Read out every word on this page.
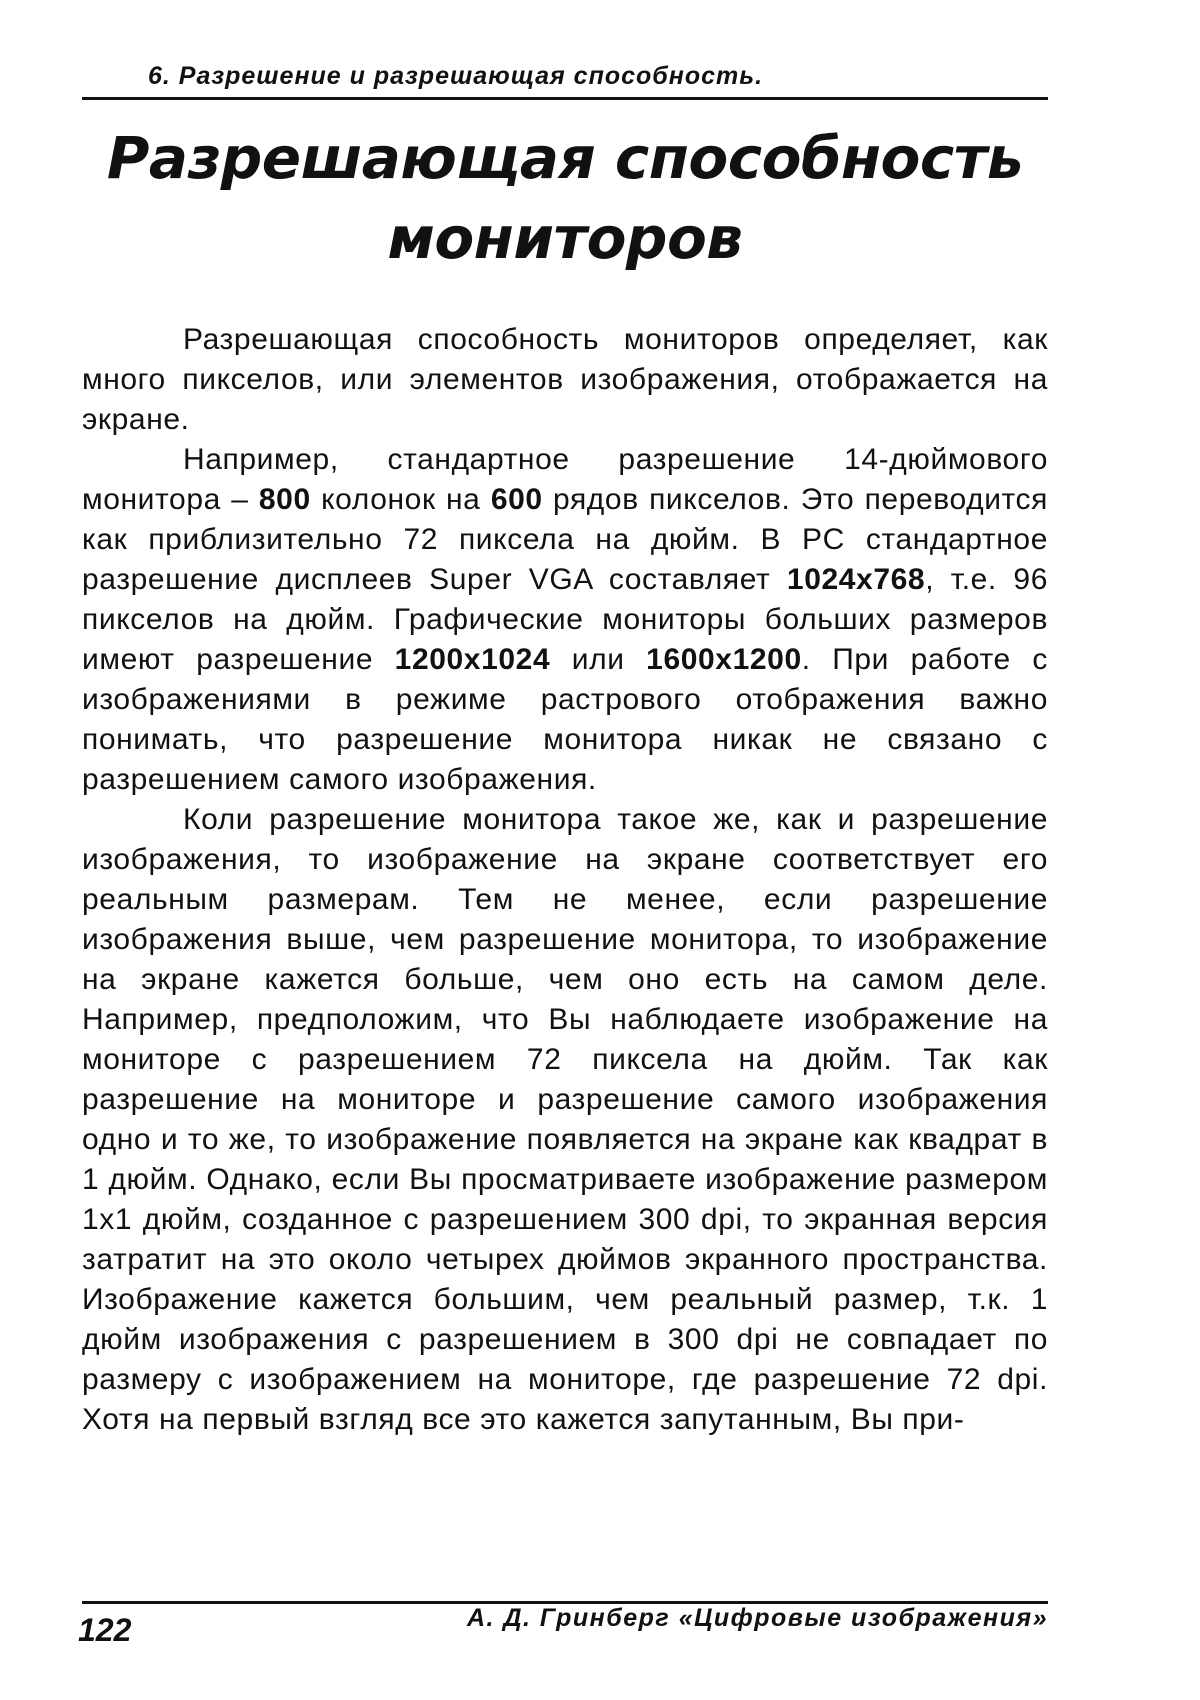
6. Разрешение и разрешающая способность.
Разрешающая способность
мониторов

Разрешающая способность мониторов определяет, как много пикселов, или элементов изображения, отображается на экране.

Например, стандартное разрешение 14-дюймового монитора – 800 колонок на 600 рядов пикселов. Это переводится как приблизительно 72 пиксела на дюйм. В PC стандартное разрешение дисплеев Super VGA составляет 1024x768, т.е. 96 пикселов на дюйм. Графические мониторы больших размеров имеют разрешение 1200x1024 или 1600x1200. При работе с изображениями в режиме растрового отображения важно понимать, что разрешение монитора никак не связано с разрешением самого изображения.

Коли разрешение монитора такое же, как и разрешение изображения, то изображение на экране соответствует его реальным размерам. Тем не менее, если разрешение изображения выше, чем разрешение монитора, то изображение на экране кажется больше, чем оно есть на самом деле. Например, предположим, что Вы наблюдаете изображение на мониторе с разрешением 72 пиксела на дюйм. Так как разрешение на мониторе и разрешение самого изображения одно и то же, то изображение появляется на экране как квадрат в 1 дюйм. Однако, если Вы просматриваете изображение размером 1x1 дюйм, созданное с разрешением 300 dpi, то экранная версия затратит на это около четырех дюймов экранного пространства. Изображение кажется большим, чем реальный размер, т.к. 1 дюйм изображения с разрешением в 300 dpi не совпадает по размеру с изображением на мониторе, где разрешение 72 dpi. Хотя на первый взгляд все это кажется запутанным, Вы при-

122	А. Д. Гринберг «Цифровые изображения»
